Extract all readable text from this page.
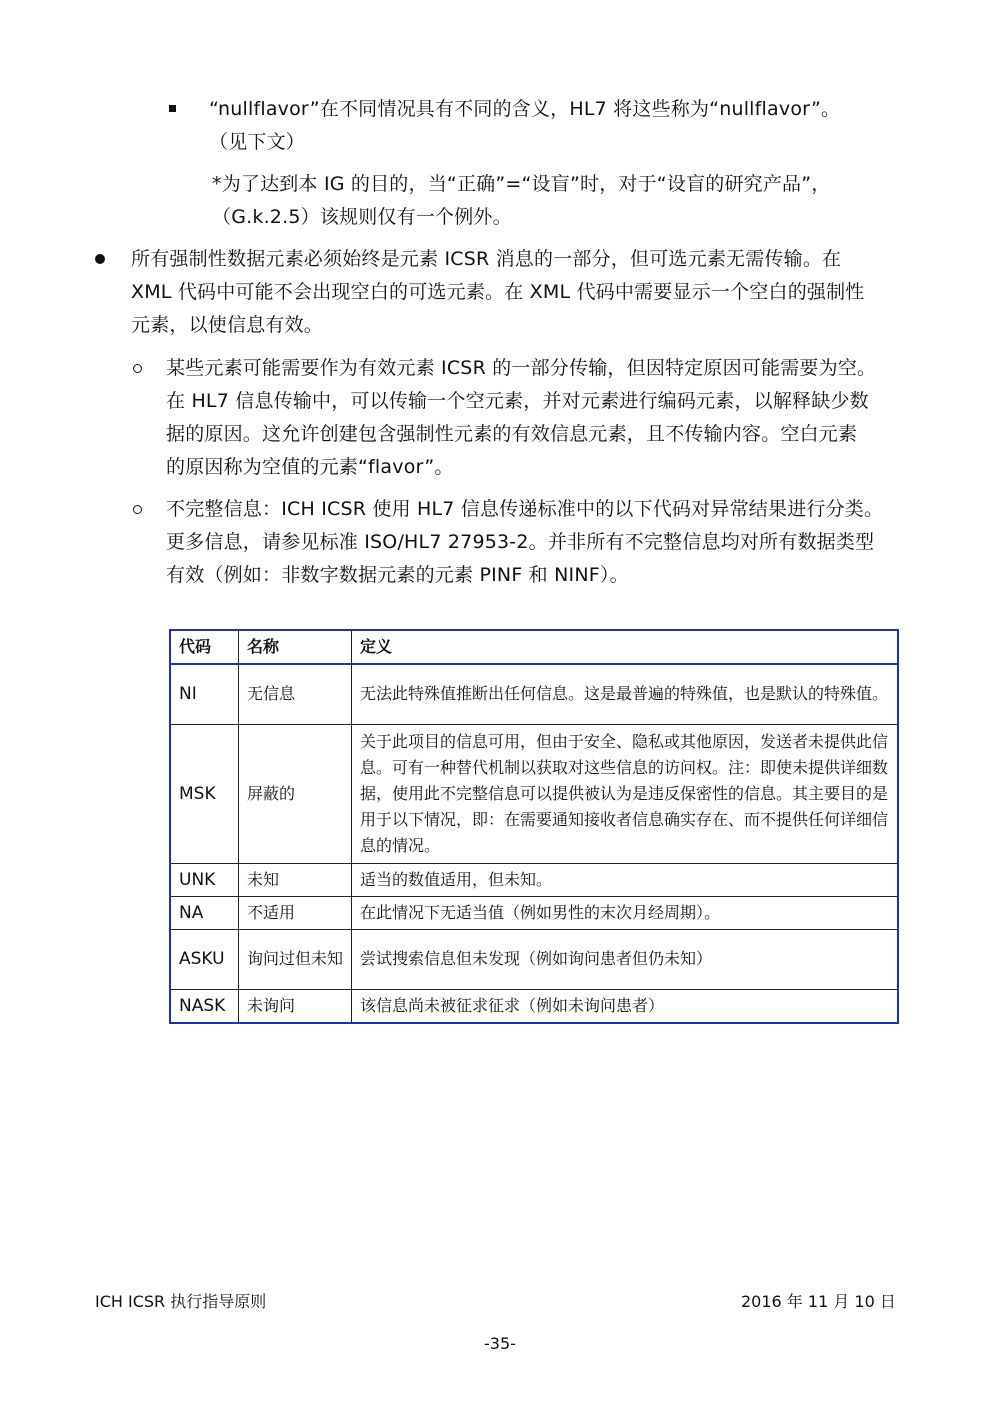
“nullflavor”在不同情况具有不同的含义，HL7 将这些称为“nullflavor”。
（见下文）
*为了达到本 IG 的目的，当“正确”=“设盲”时，对于“设盲的研究产品”，
（G.k.2.5）该规则仅有一个例外。
所有强制性数据元素必须始终是元素 ICSR 消息的一部分，但可选元素无需传输。在
XML 代码中可能不会出现空白的可选元素。在 XML 代码中需要显示一个空白的强制性
元素，以使信息有效。
某些元素可能需要作为有效元素 ICSR 的一部分传输，但因特定原因可能需要为空。
在 HL7 信息传输中，可以传输一个空元素，并对元素进行编码元素，以解释缺少数
据的原因。这允许创建包含强制性元素的有效信息元素，且不传输内容。空白元素
的原因称为空值的元素“flavor”。
不完整信息：ICH ICSR 使用 HL7 信息传递标准中的以下代码对异常结果进行分类。
更多信息，请参见标准 ISO/HL7 27953-2。并非所有不完整信息均对所有数据类型
有效（例如：非数字数据元素的元素 PINF 和 NINF）。
代码	名称	定义
NI	无信息	无法此特殊值推断出任何信息。这是最普遍的特殊值，也是默认的特殊值。
MSK	屏蔽的	关于此项目的信息可用，但由于安全、隐私或其他原因，发送者未提供此信息。可有一种替代机制以获取对这些信息的访问权。注：即使未提供详细数据，使用此不完整信息可以提供被认为是违反保密性的信息。其主要目的是用于以下情况，即：在需要通知接收者信息确实存在、而不提供任何详细信息的情况。
UNK	未知	适当的数值适用，但未知。
NA	不适用	在此情况下无适当值（例如男性的末次月经周期）。
ASKU	询问过但未知	尝试搜索信息但未发现（例如询问患者但仍未知）
NASK	未询问	该信息尚未被征求征求（例如未询问患者）
ICH ICSR 执行指导原则	2016 年 11 月 10 日
-35-
